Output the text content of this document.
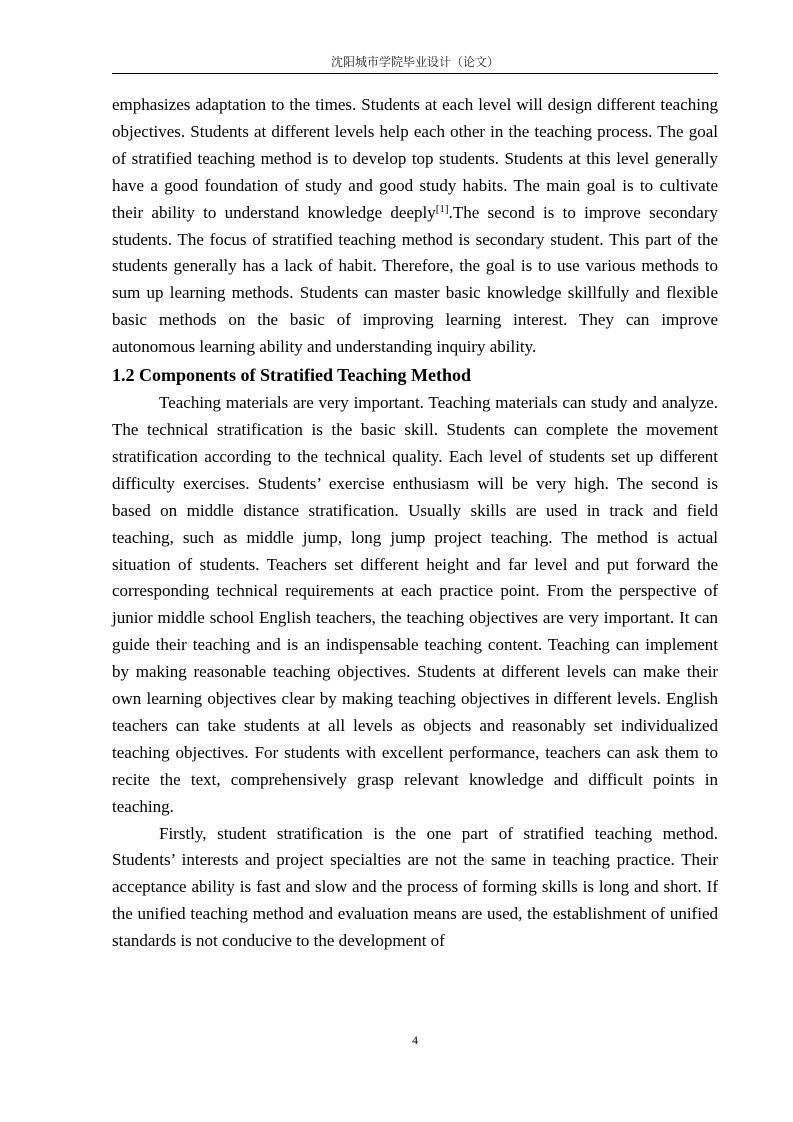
沈阳城市学院毕业设计（论文）

emphasizes adaptation to the times. Students at each level will design different teaching objectives. Students at different levels help each other in the teaching process. The goal of stratified teaching method is to develop top students. Students at this level generally have a good foundation of study and good study habits. The main goal is to cultivate their ability to understand knowledge deeply[1].The second is to improve secondary students. The focus of stratified teaching method is secondary student. This part of the students generally has a lack of habit. Therefore, the goal is to use various methods to sum up learning methods. Students can master basic knowledge skillfully and flexible basic methods on the basic of improving learning interest. They can improve autonomous learning ability and understanding inquiry ability.

1.2 Components of Stratified Teaching Method

Teaching materials are very important. Teaching materials can study and analyze. The technical stratification is the basic skill. Students can complete the movement stratification according to the technical quality. Each level of students set up different difficulty exercises. Students’ exercise enthusiasm will be very high. The second is based on middle distance stratification. Usually skills are used in track and field teaching, such as middle jump, long jump project teaching. The method is actual situation of students. Teachers set different height and far level and put forward the corresponding technical requirements at each practice point. From the perspective of junior middle school English teachers, the teaching objectives are very important. It can guide their teaching and is an indispensable teaching content. Teaching can implement by making reasonable teaching objectives. Students at different levels can make their own learning objectives clear by making teaching objectives in different levels. English teachers can take students at all levels as objects and reasonably set individualized teaching objectives. For students with excellent performance, teachers can ask them to recite the text, comprehensively grasp relevant knowledge and difficult points in teaching.

Firstly, student stratification is the one part of stratified teaching method. Students’ interests and project specialties are not the same in teaching practice. Their acceptance ability is fast and slow and the process of forming skills is long and short. If the unified teaching method and evaluation means are used, the establishment of unified standards is not conducive to the development of

4
